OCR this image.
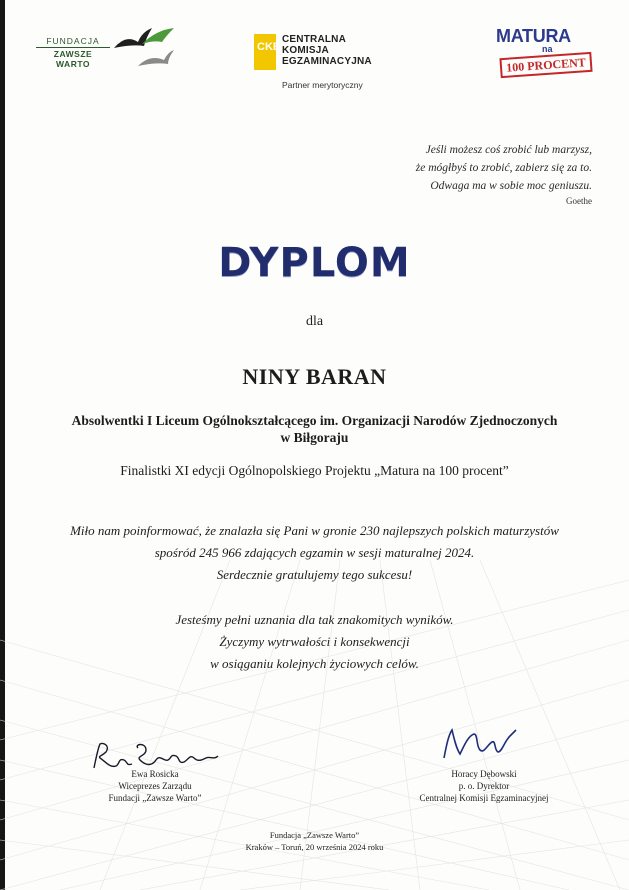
FUNDACJA
ZAWSZE WARTO
CKE
CENTRALNA
KOMISJA
EGZAMINACYJNA
Partner merytoryczny
MATURA
na
100 PROCENT
Jeśli możesz coś zrobić lub marzysz,
że mógłbyś to zrobić, zabierz się za to.
Odwaga ma w sobie moc geniuszu.
Goethe
DYPLOM
dla
NINY BARAN
Absolwentki I Liceum Ogólnokształcącego im. Organizacji Narodów Zjednoczonych
w Biłgoraju
Finalistki XI edycji Ogólnopolskiego Projektu „Matura na 100 procent”
Miło nam poinformować, że znalazła się Pani w gronie 230 najlepszych polskich maturzystów
spośród 245 966 zdających egzamin w sesji maturalnej 2024.
Serdecznie gratulujemy tego sukcesu!
Jesteśmy pełni uznania dla tak znakomitych wyników.
Życzymy wytrwałości i konsekwencji
w osiąganiu kolejnych życiowych celów.
Ewa Rosicka
Wiceprezes Zarządu
Fundacji „Zawsze Warto”
Horacy Dębowski
p. o. Dyrektor
Centralnej Komisji Egzaminacyjnej
Fundacja „Zawsze Warto”
Kraków – Toruń, 20 września 2024 roku
